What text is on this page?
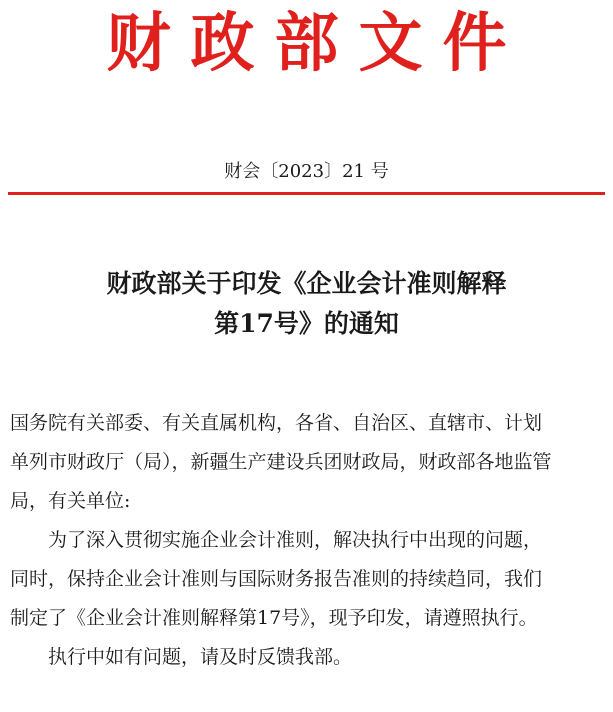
财政部文件
财会〔2023〕21 号
财政部关于印发《企业会计准则解释
第17号》的通知

国务院有关部委、有关直属机构，各省、自治区、直辖市、计划
单列市财政厅（局），新疆生产建设兵团财政局，财政部各地监管
局，有关单位:

为了深入贯彻实施企业会计准则，解决执行中出现的问题，
同时，保持企业会计准则与国际财务报告准则的持续趋同，我们
制定了《企业会计准则解释第17号》，现予印发，请遵照执行。

执行中如有问题，请及时反馈我部。
